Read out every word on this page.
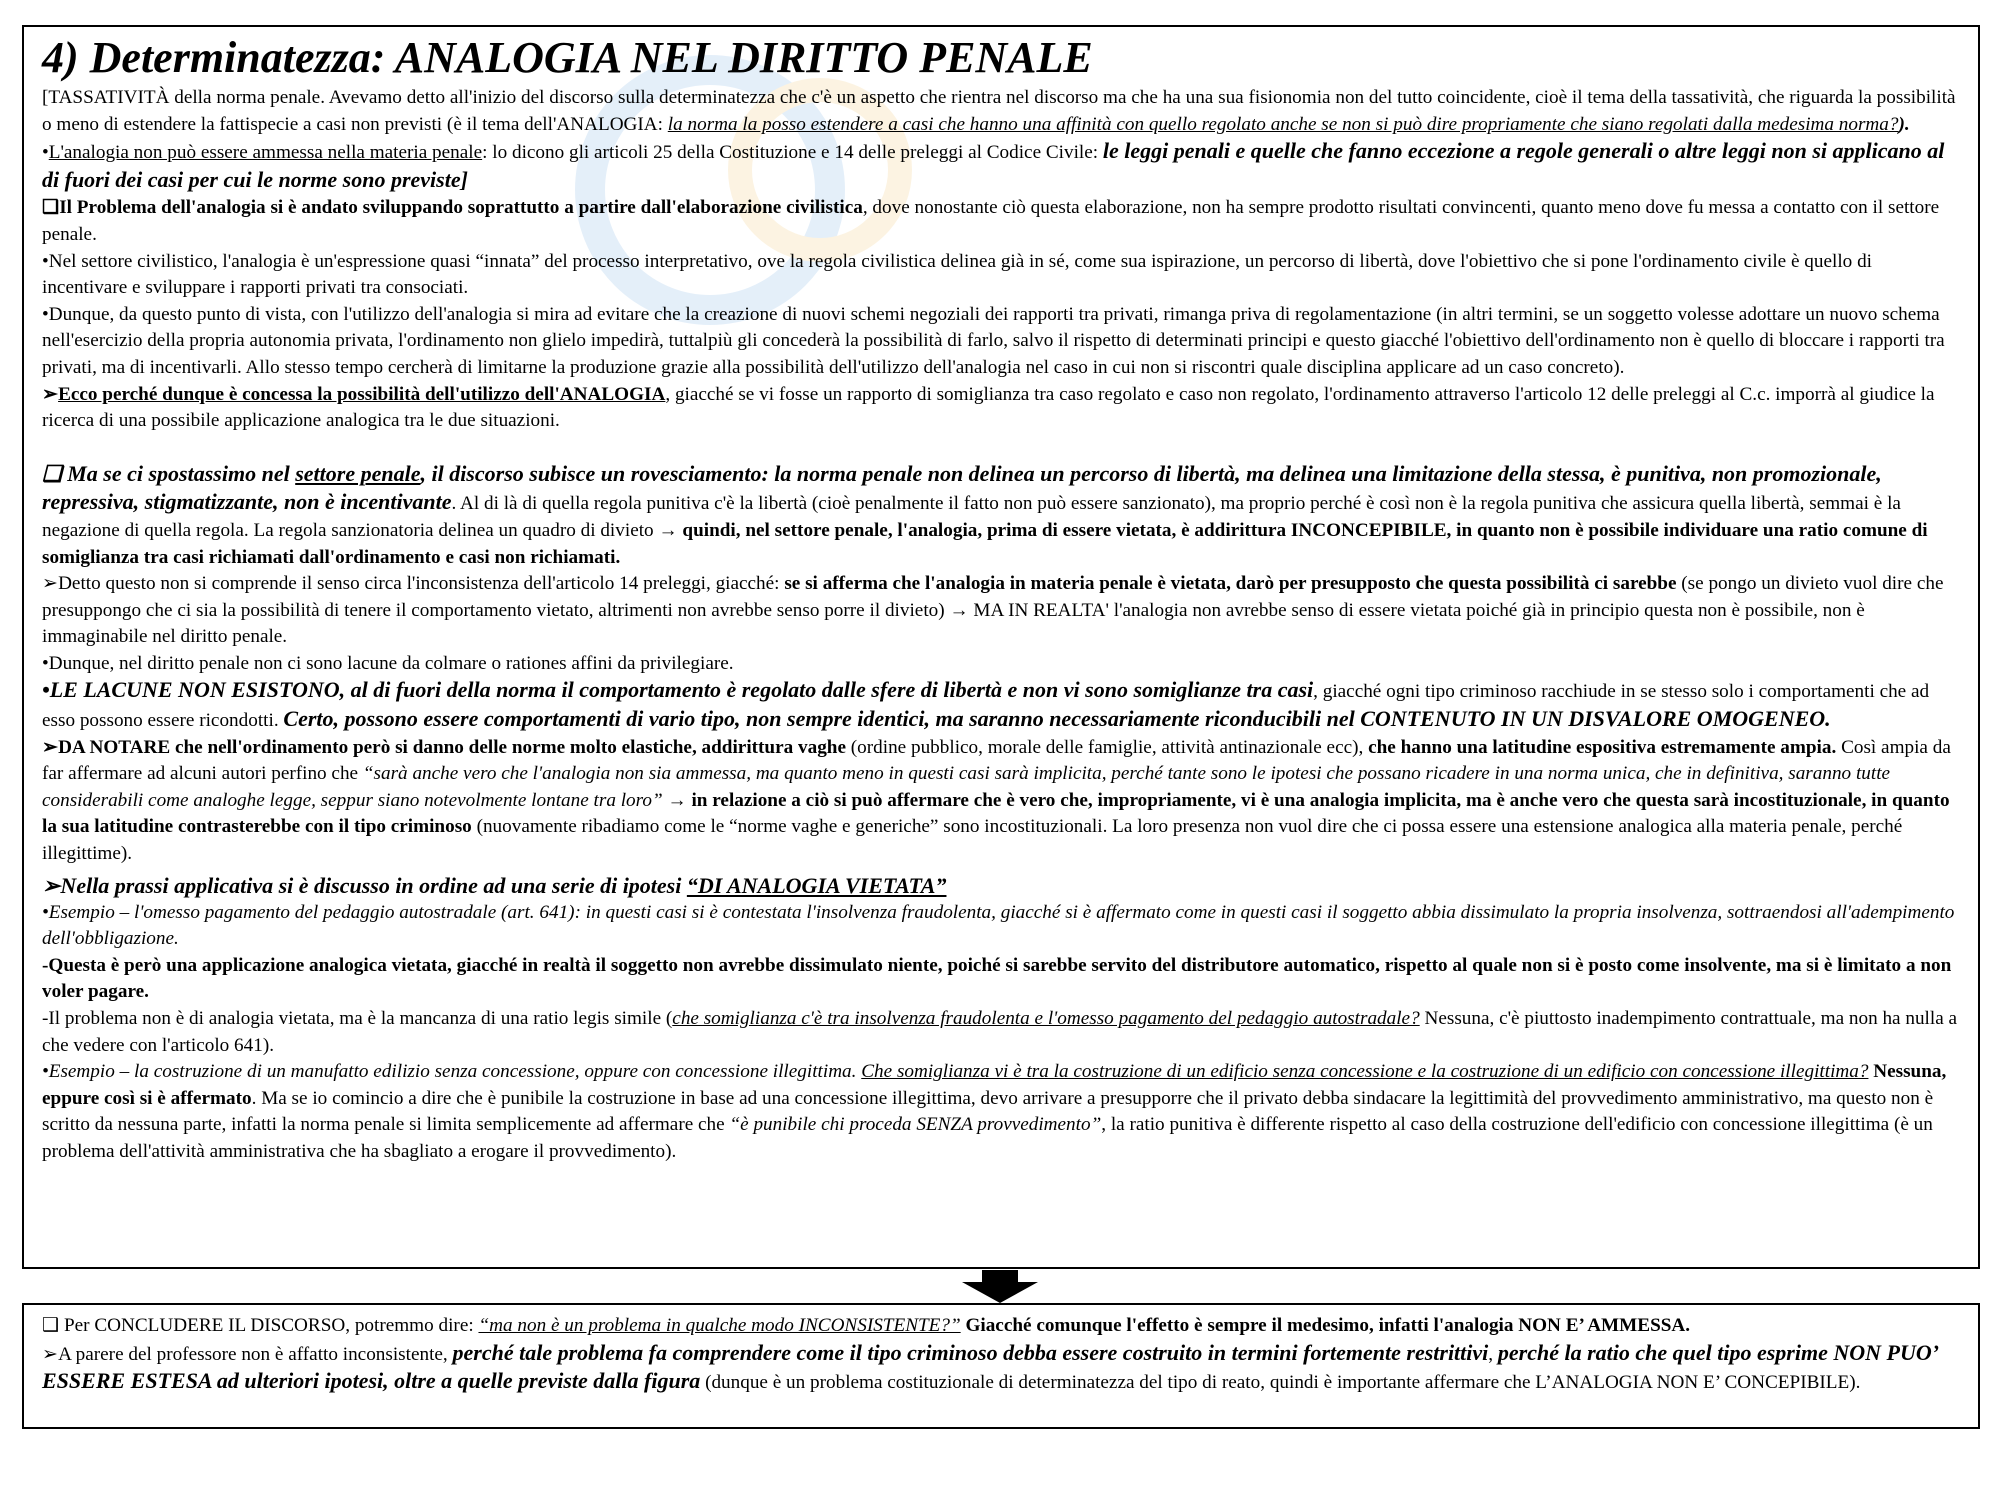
4) Determinatezza: ANALOGIA NEL DIRITTO PENALE

[TASSATIVITÀ della norma penale. Avevamo detto all'inizio del discorso sulla determinatezza che c'è un aspetto che rientra nel discorso ma che ha una sua fisionomia non del tutto coincidente, cioè il tema della tassatività, che riguarda la possibilità o meno di estendere la fattispecie a casi non previsti (è il tema dell'ANALOGIA: la norma la posso estendere a casi che hanno una affinità con quello regolato anche se non si può dire propriamente che siano regolati dalla medesima norma?).

•L'analogia non può essere ammessa nella materia penale: lo dicono gli articoli 25 della Costituzione e 14 delle preleggi al Codice Civile: le leggi penali e quelle che fanno eccezione a regole generali o altre leggi non si applicano al di fuori dei casi per cui le norme sono previste]

❑Il Problema dell'analogia si è andato sviluppando soprattutto a partire dall'elaborazione civilistica, dove nonostante ciò questa elaborazione, non ha sempre prodotto risultati convincenti, quanto meno dove fu messa a contatto con il settore penale.

•Nel settore civilistico, l'analogia è un'espressione quasi “innata” del processo interpretativo, ove la regola civilistica delinea già in sé, come sua ispirazione, un percorso di libertà, dove l'obiettivo che si pone l'ordinamento civile è quello di incentivare e sviluppare i rapporti privati tra consociati.

•Dunque, da questo punto di vista, con l'utilizzo dell'analogia si mira ad evitare che la creazione di nuovi schemi negoziali dei rapporti tra privati, rimanga priva di regolamentazione (in altri termini, se un soggetto volesse adottare un nuovo schema nell'esercizio della propria autonomia privata, l'ordinamento non glielo impedirà, tuttalpiù gli concederà la possibilità di farlo, salvo il rispetto di determinati principi e questo giacché l'obiettivo dell'ordinamento non è quello di bloccare i rapporti tra privati, ma di incentivarli. Allo stesso tempo cercherà di limitarne la produzione grazie alla possibilità dell'utilizzo dell'analogia nel caso in cui non si riscontri quale disciplina applicare ad un caso concreto).

➢Ecco perché dunque è concessa la possibilità dell'utilizzo dell'ANALOGIA, giacché se vi fosse un rapporto di somiglianza tra caso regolato e caso non regolato, l'ordinamento attraverso l'articolo 12 delle preleggi al C.c. imporrà al giudice la ricerca di una possibile applicazione analogica tra le due situazioni.

❑ Ma se ci spostassimo nel settore penale, il discorso subisce un rovesciamento: la norma penale non delinea un percorso di libertà, ma delinea una limitazione della stessa, è punitiva, non promozionale, repressiva, stigmatizzante, non è incentivante. Al di là di quella regola punitiva c'è la libertà (cioè penalmente il fatto non può essere sanzionato), ma proprio perché è così non è la regola punitiva che assicura quella libertà, semmai è la negazione di quella regola. La regola sanzionatoria delinea un quadro di divieto → quindi, nel settore penale, l'analogia, prima di essere vietata, è addirittura INCONCEPIBILE, in quanto non è possibile individuare una ratio comune di somiglianza tra casi richiamati dall'ordinamento e casi non richiamati.

➢Detto questo non si comprende il senso circa l'inconsistenza dell'articolo 14 preleggi, giacché: se si afferma che l'analogia in materia penale è vietata, darò per presupposto che questa possibilità ci sarebbe (se pongo un divieto vuol dire che presuppongo che ci sia la possibilità di tenere il comportamento vietato, altrimenti non avrebbe senso porre il divieto) → MA IN REALTA' l'analogia non avrebbe senso di essere vietata poiché già in principio questa non è possibile, non è immaginabile nel diritto penale.

•Dunque, nel diritto penale non ci sono lacune da colmare o rationes affini da privilegiare.

•LE LACUNE NON ESISTONO, al di fuori della norma il comportamento è regolato dalle sfere di libertà e non vi sono somiglianze tra casi, giacché ogni tipo criminoso racchiude in se stesso solo i comportamenti che ad esso possono essere ricondotti. Certo, possono essere comportamenti di vario tipo, non sempre identici, ma saranno necessariamente riconducibili nel CONTENUTO IN UN DISVALORE OMOGENEO.

➢DA NOTARE che nell'ordinamento però si danno delle norme molto elastiche, addirittura vaghe (ordine pubblico, morale delle famiglie, attività antinazionale ecc), che hanno una latitudine espositiva estremamente ampia. Così ampia da far affermare ad alcuni autori perfino che “sarà anche vero che l'analogia non sia ammessa, ma quanto meno in questi casi sarà implicita, perché tante sono le ipotesi che possano ricadere in una norma unica, che in definitiva, saranno tutte considerabili come analoghe legge, seppur siano notevolmente lontane tra loro” → in relazione a ciò si può affermare che è vero che, impropriamente, vi è una analogia implicita, ma è anche vero che questa sarà incostituzionale, in quanto la sua latitudine contrasterebbe con il tipo criminoso (nuovamente ribadiamo come le “norme vaghe e generiche” sono incostituzionali. La loro presenza non vuol dire che ci possa essere una estensione analogica alla materia penale, perché illegittime).

➢Nella prassi applicativa si è discusso in ordine ad una serie di ipotesi “DI ANALOGIA VIETATA”

•Esempio – l'omesso pagamento del pedaggio autostradale (art. 641): in questi casi si è contestata l'insolvenza fraudolenta, giacché si è affermato come in questi casi il soggetto abbia dissimulato la propria insolvenza, sottraendosi all'adempimento dell'obbligazione.

-Questa è però una applicazione analogica vietata, giacché in realtà il soggetto non avrebbe dissimulato niente, poiché si sarebbe servito del distributore automatico, rispetto al quale non si è posto come insolvente, ma si è limitato a non voler pagare.

-Il problema non è di analogia vietata, ma è la mancanza di una ratio legis simile (che somiglianza c'è tra insolvenza fraudolenta e l'omesso pagamento del pedaggio autostradale? Nessuna, c'è piuttosto inadempimento contrattuale, ma non ha nulla a che vedere con l'articolo 641).

•Esempio – la costruzione di un manufatto edilizio senza concessione, oppure con concessione illegittima. Che somiglianza vi è tra la costruzione di un edificio senza concessione e la costruzione di un edificio con concessione illegittima? Nessuna, eppure così si è affermato. Ma se io comincio a dire che è punibile la costruzione in base ad una concessione illegittima, devo arrivare a presupporre che il privato debba sindacare la legittimità del provvedimento amministrativo, ma questo non è scritto da nessuna parte, infatti la norma penale si limita semplicemente ad affermare che “è punibile chi proceda SENZA provvedimento”, la ratio punitiva è differente rispetto al caso della costruzione dell'edificio con concessione illegittima (è un problema dell'attività amministrativa che ha sbagliato a erogare il provvedimento).

❑ Per CONCLUDERE IL DISCORSO, potremmo dire: “ma non è un problema in qualche modo INCONSISTENTE?” Giacché comunque l'effetto è sempre il medesimo, infatti l'analogia NON E’ AMMESSA.

➢A parere del professore non è affatto inconsistente, perché tale problema fa comprendere come il tipo criminoso debba essere costruito in termini fortemente restrittivi, perché la ratio che quel tipo esprime NON PUO’ ESSERE ESTESA ad ulteriori ipotesi, oltre a quelle previste dalla figura (dunque è un problema costituzionale di determinatezza del tipo di reato, quindi è importante affermare che L’ANALOGIA NON E’ CONCEPIBILE).
